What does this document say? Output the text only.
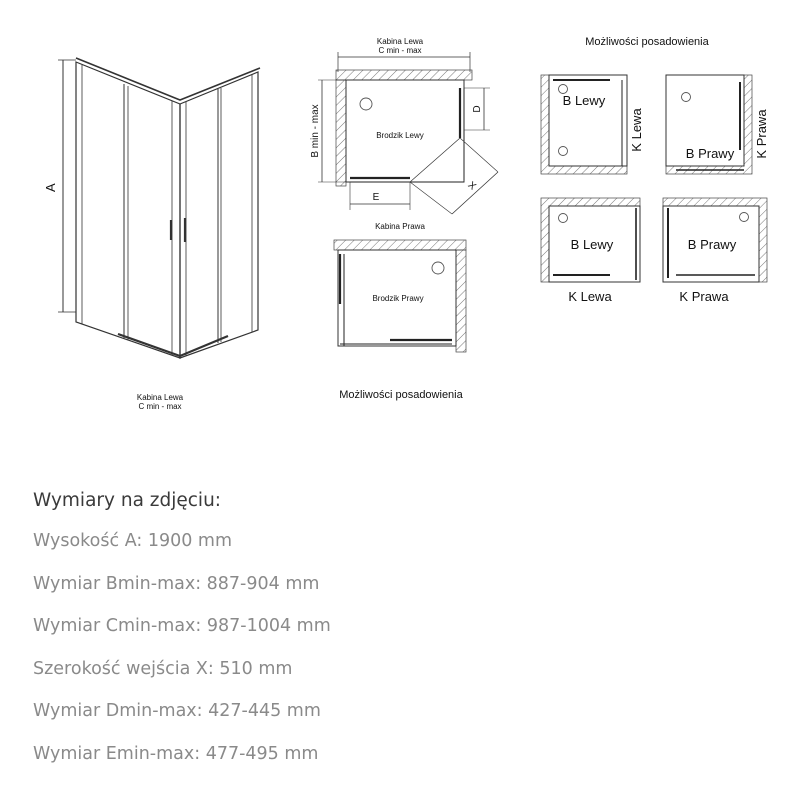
A
Kabina Lewa
C min - max
Kabina Lewa
C min - max
B min - max	Brodzik Lewy
D
E
X
Kabina Prawa
Brodzik Prawy
Możliwości posadowienia
Możliwości posadowienia
B Lewy
K Lewa
B Prawy K Prawa
B Lewy
K Lewa
B Prawy
K Prawa
Wymiary na zdjęciu:
Wysokość A: 1900 mm
Wymiar Bmin-max: 887-904 mm
Wymiar Cmin-max: 987-1004 mm
Szerokość wejścia X: 510 mm
Wymiar Dmin-max: 427-445 mm
Wymiar Emin-max: 477-495 mm
